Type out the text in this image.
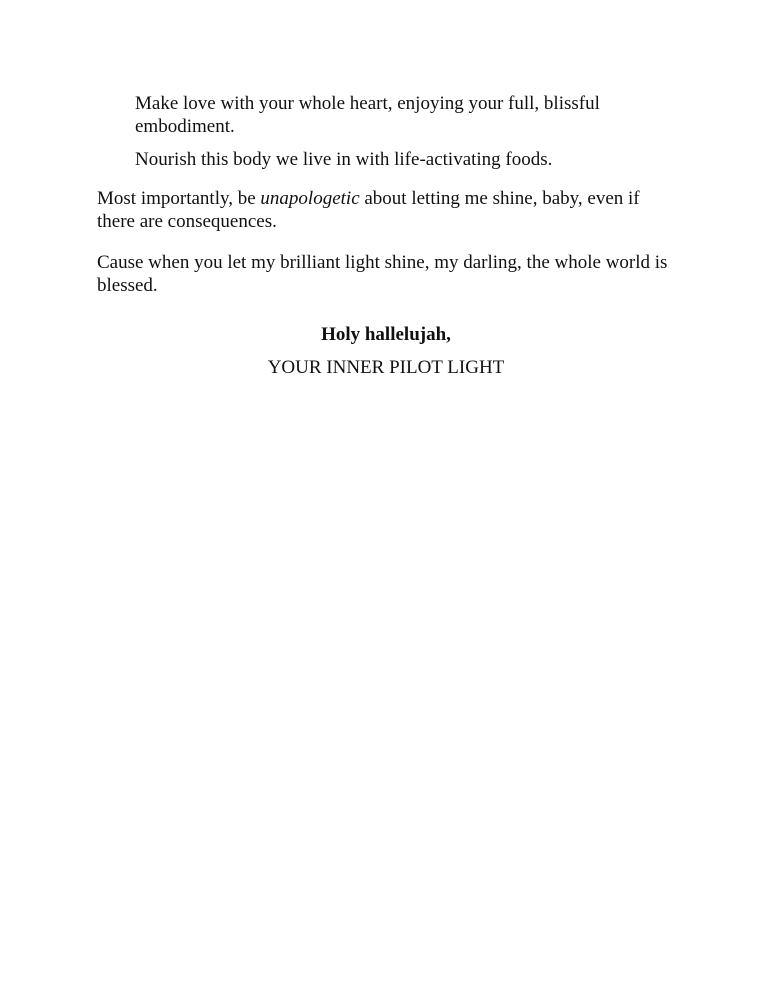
Make love with your whole heart, enjoying your full, blissful
embodiment.

Nourish this body we live in with life-activating foods.

Most importantly, be unapologetic about letting me shine, baby, even if
there are consequences.

Cause when you let my brilliant light shine, my darling, the whole world is
blessed.

Holy hallelujah,

YOUR INNER PILOT LIGHT
